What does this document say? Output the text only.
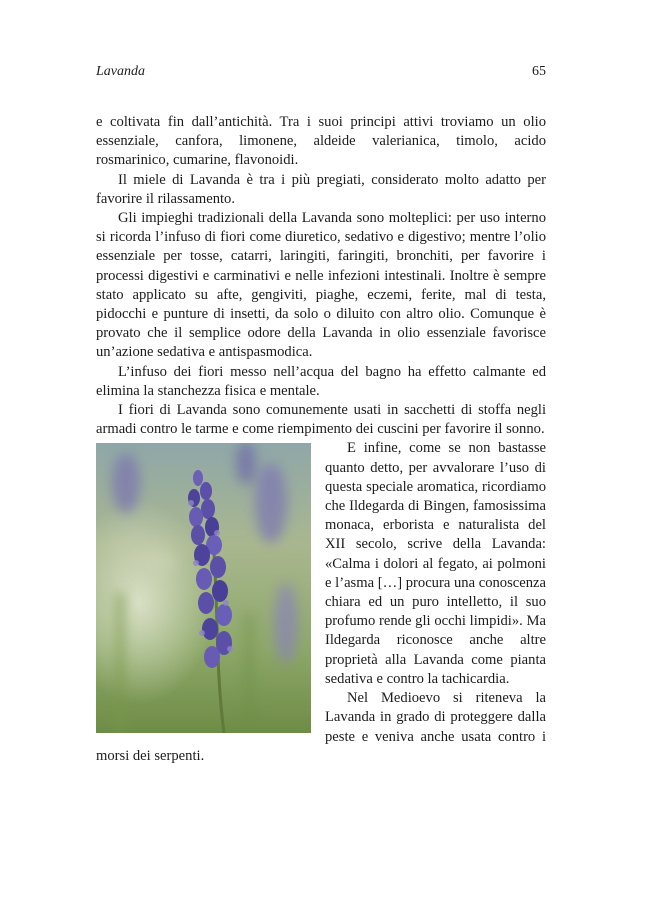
Lavanda	65

e coltivata fin dall’antichità. Tra i suoi principi attivi troviamo un olio essenziale, canfora, limonene, aldeide valerianica, timolo, acido rosmarinico, cumarine, flavonoidi.

Il miele di Lavanda è tra i più pregiati, considerato molto adatto per favorire il rilassamento.

Gli impieghi tradizionali della Lavanda sono molteplici: per uso interno si ricorda l’infuso di fiori come diuretico, sedativo e digestivo; mentre l’olio essenziale per tosse, catarri, laringiti, faringiti, bronchiti, per favorire i processi digestivi e carminativi e nelle infezioni intestinali. Inoltre è sempre stato applicato su afte, gengiviti, piaghe, eczemi, ferite, mal di testa, pidocchi e punture di insetti, da solo o diluito con altro olio. Comunque è provato che il semplice odore della Lavanda in olio essenziale favorisce un’azione sedativa e antispasmodica.

L’infuso dei fiori messo nell’acqua del bagno ha effetto calmante ed elimina la stanchezza fisica e mentale.

I fiori di Lavanda sono comunemente usati in sacchetti di stoffa negli armadi contro le tarme e come riempimento dei cuscini per favorire il sonno.

E infine, come se non bastasse quanto detto, per avvalorare l’uso di questa speciale aromatica, ricordiamo che Ildegarda di Bingen, famosissima monaca, erborista e naturalista del XII secolo, scrive della Lavanda: «Calma i dolori al fegato, ai polmoni e l’asma […] procura una conoscenza chiara ed un puro intelletto, il suo profumo rende gli occhi limpidi». Ma Ildegarda riconosce anche altre proprietà alla Lavanda come pianta sedativa e contro la tachicardia.

Nel Medioevo si riteneva la Lavanda in grado di proteggere dalla peste e veniva anche usata contro i morsi dei serpenti.
